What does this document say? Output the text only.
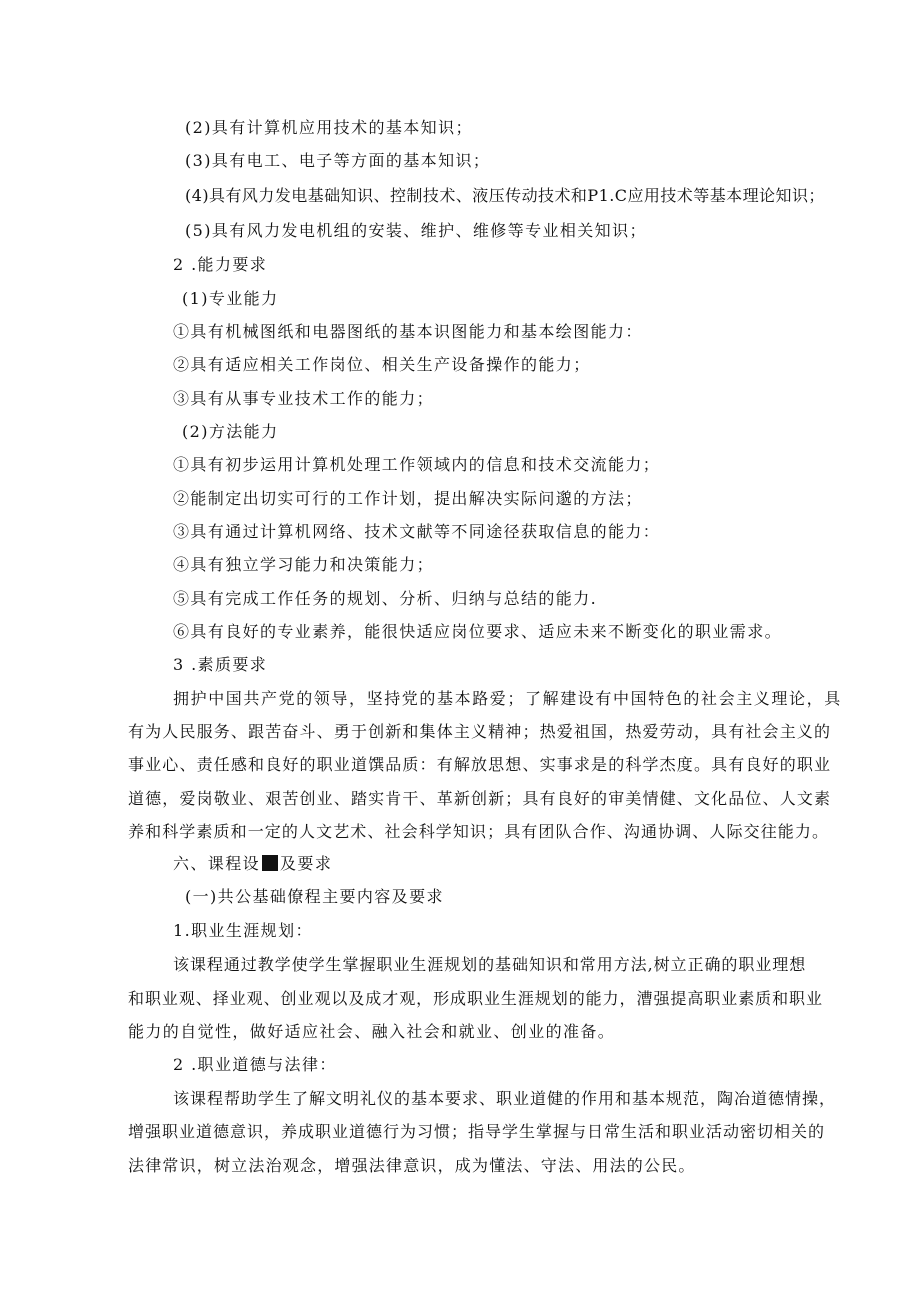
(2)具有计算机应用技术的基本知识；
(3)具有电工、电子等方面的基本知识；
(4)具有风力发电基础知识、控制技术、液压传动技术和P1.C应用技术等基本理论知识；
(5)具有风力发电机组的安装、维护、维修等专业相关知识；
2 .能力要求
(1)专业能力
①具有机械图纸和电器图纸的基本识图能力和基本绘图能力：
②具有适应相关工作岗位、相关生产设备操作的能力；
③具有从事专业技术工作的能力；
(2)方法能力
①具有初步运用计算机处理工作领域内的信息和技术交流能力；
②能制定出切实可行的工作计划，提出解决实际问邈的方法；
③具有通过计算机网络、技术文献等不同途径获取信息的能力：
④具有独立学习能力和决策能力；
⑤具有完成工作任务的规划、分析、归纳与总结的能力.
⑥具有良好的专业素养，能很快适应岗位要求、适应未来不断变化的职业需求。
3 .素质要求
拥护中国共产党的领导，坚持党的基本路爱；了解建设有中国特色的社会主义理论，具
有为人民服务、跟苦奋斗、勇于创新和集体主义精神；热爱祖国，热爱劳动，具有社会主义的
事业心、责任感和良好的职业道馔品质：有解放思想、实事求是的科学杰度。具有良好的职业
道德，爱岗敬业、艰苦创业、踏实肯干、革新创新；具有良好的审美情健、文化品位、人文素
养和科学素质和一定的人文艺术、社会科学知识；具有团队合作、沟通协调、人际交往能力。
六、课程设 及要求
(一)共公基础僚程主要内容及要求
1.职业生涯规划：
该课程通过教学使学生掌握职业生涯规划的基础知识和常用方法,树立正确的职业理想
和职业观、择业观、创业观以及成才观，形成职业生涯规划的能力，漕强提高职业素质和职业
能力的自觉性，做好适应社会、融入社会和就业、创业的准备。
2 .职业道德与法律：
该课程帮助学生了解文明礼仪的基本要求、职业道健的作用和基本规范，陶冶道德情操，
增强职业道德意识，养成职业道德行为习惯；指导学生掌握与日常生活和职业活动密切相关的
法律常识，树立法治观念，增强法律意识，成为懂法、守法、用法的公民。
